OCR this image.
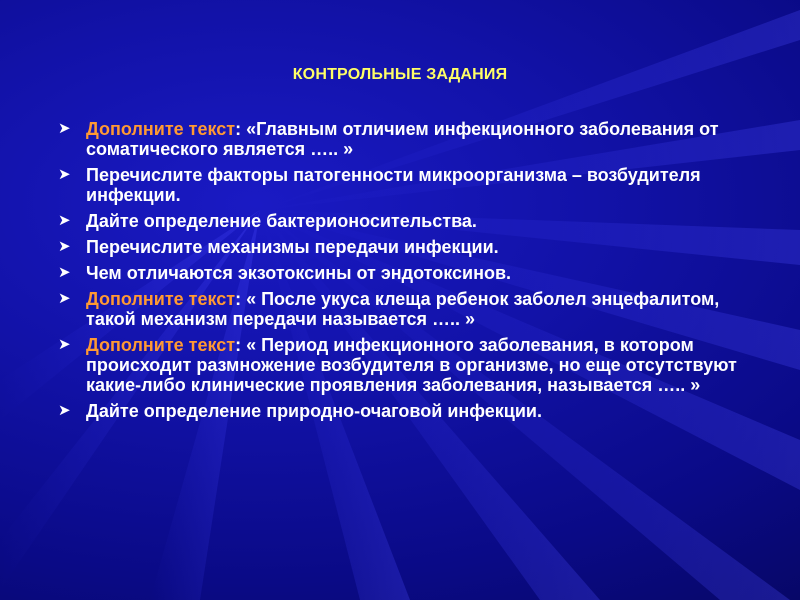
КОНТРОЛЬНЫЕ ЗАДАНИЯ
➤ Дополните текст: «Главным отличием инфекционного заболевания от соматического является ….. »
➤ Перечислите факторы патогенности микроорганизма – возбудителя инфекции.
➤ Дайте определение бактерионосительства.
➤ Перечислите механизмы передачи инфекции.
➤ Чем отличаются экзотоксины от эндотоксинов.
➤ Дополните текст: « После укуса клеща ребенок заболел энцефалитом, такой механизм передачи называется ….. »
➤ Дополните текст: « Период инфекционного заболевания, в котором происходит размножение возбудителя в организме, но еще отсутствуют какие-либо клинические проявления заболевания, называется ….. »
➤ Дайте определение природно-очаговой инфекции.
